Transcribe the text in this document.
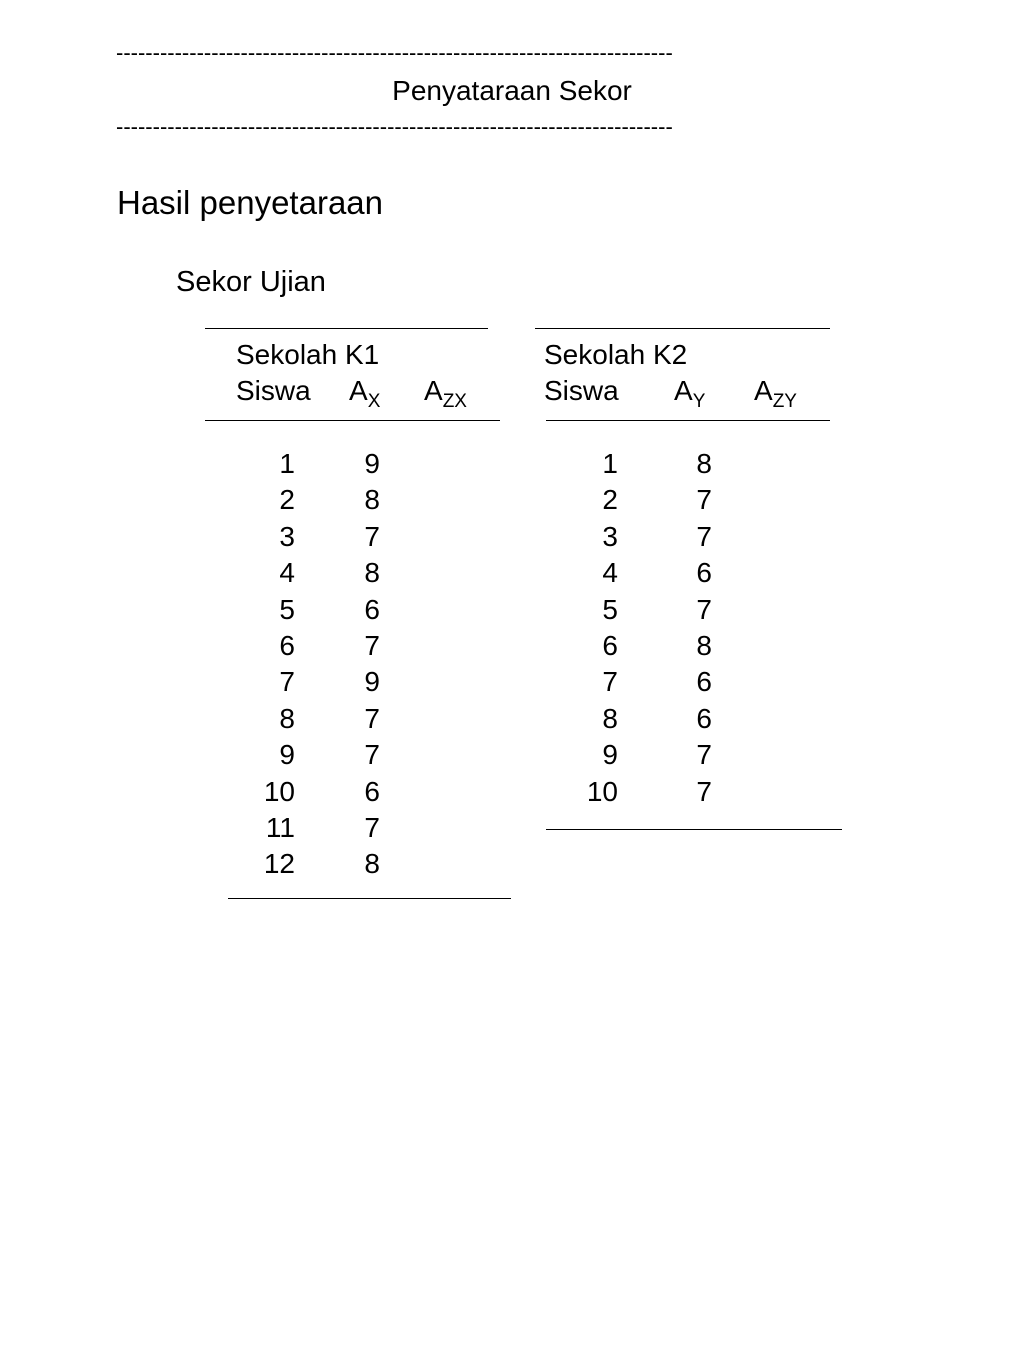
----------------------------------------------------------------------------
Penyataraan Sekor
----------------------------------------------------------------------------
Hasil penyetaraan
Sekor Ujian
Sekolah K1
Siswa $A_X$ $A_{ZX}$
1	9
2	8
3	7
4	8
5	6
6	7
7	9
8	7
9	7
10	6
11	7
12	8
Sekolah K2
Siswa $A_Y$ $A_{ZY}$
1	8
2	7
3	7
4	6
5	7
6	8
7	6
8	6
9	7
10	7
